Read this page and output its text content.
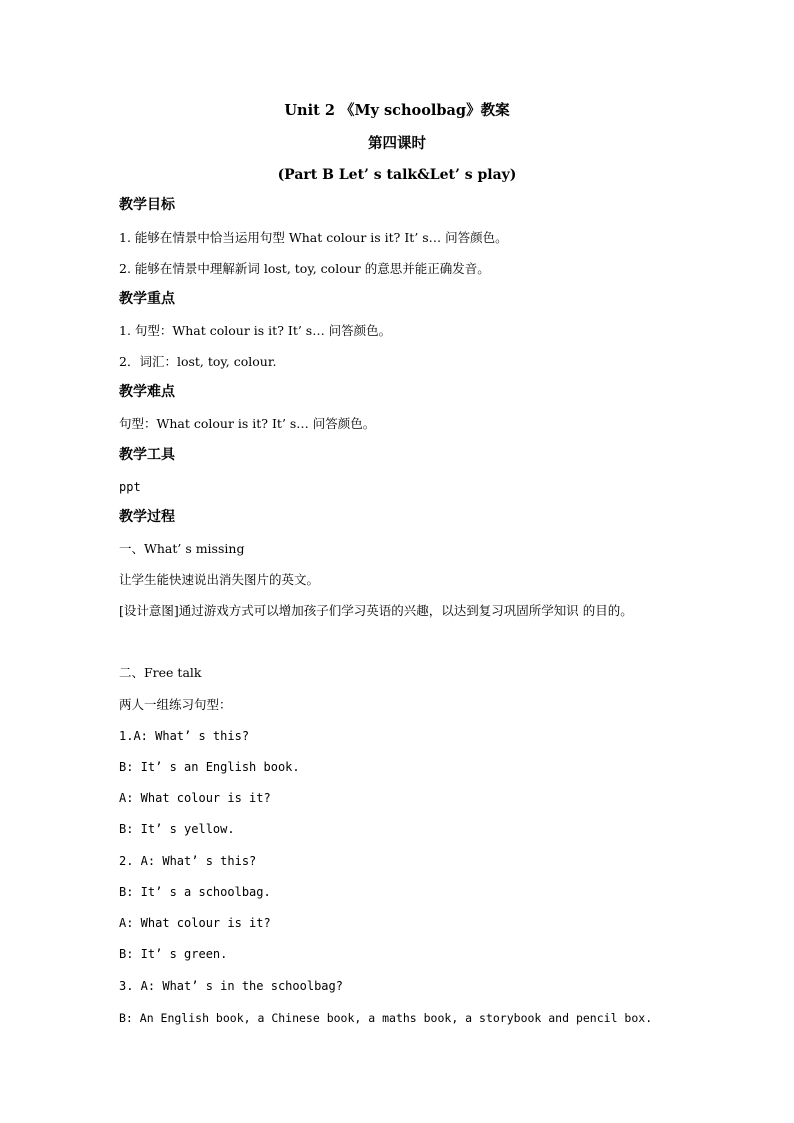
Unit 2 《My schoolbag》教案
第四课时
(Part B Let’ s talk&Let’ s play)
教学目标
1. 能够在情景中恰当运用句型 What colour is it? It’ s… 问答颜色。
2. 能够在情景中理解新词 lost, toy, colour 的意思并能正确发音。
教学重点
1. 句型：What colour is it? It’ s… 问答颜色。
2．词汇：lost, toy, colour.
教学难点
句型：What colour is it? It’ s… 问答颜色。
教学工具
ppt
教学过程
一、What’ s missing
让学生能快速说出消失图片的英文。
[设计意图]通过游戏方式可以增加孩子们学习英语的兴趣，以达到复习巩固所学知识 的目的。
二、Free talk
两人一组练习句型：
1.A: What’ s this?
B: It’ s an English book.
A: What colour is it?
B: It’ s yellow.
2. A: What’ s this?
B: It’ s a schoolbag.
A: What colour is it?
B: It’ s green.
3. A: What’ s in the schoolbag?
B: An English book, a Chinese book, a maths book, a storybook and pencil box.
